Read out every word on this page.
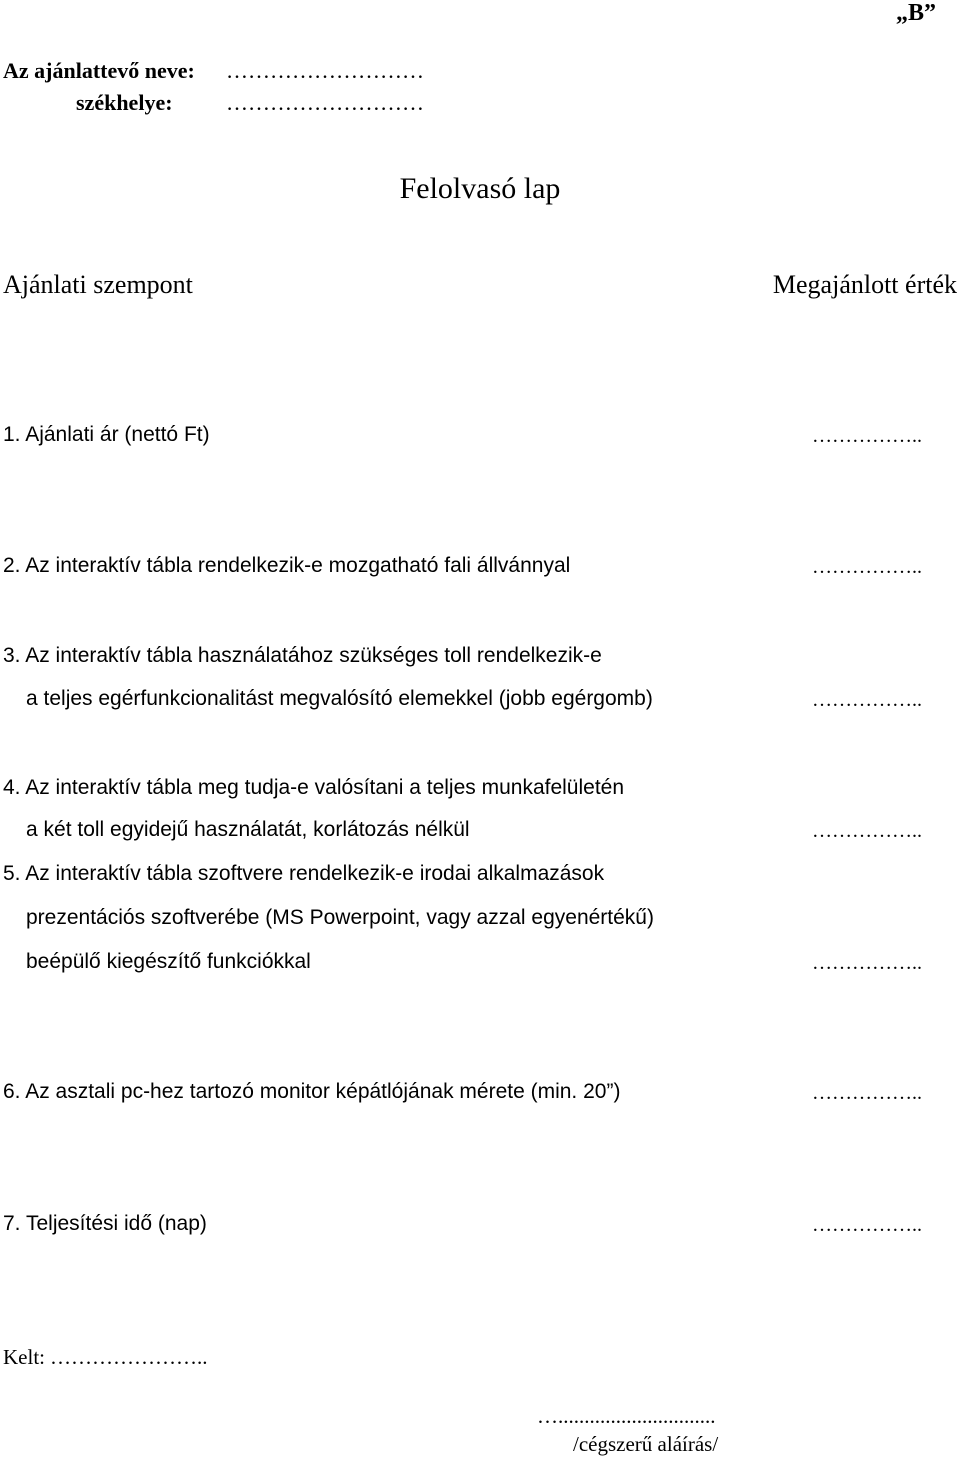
„B”
Az ajánlattevő neve: ………………………
székhelye: ………………………
Felolvasó lap
Ajánlati szempont	Megajánlott érték
1. Ajánlati ár (nettó Ft)	……………..
2. Az interaktív tábla rendelkezik-e mozgatható fali állvánnyal	……………..
3. Az interaktív tábla használatához szükséges toll rendelkezik-e
a teljes egérfunkcionalitást megvalósító elemekkel (jobb egérgomb)	……………..
4. Az interaktív tábla meg tudja-e valósítani a teljes munkafelületén
a két toll egyidejű használatát, korlátozás nélkül	……………..
5. Az interaktív tábla szoftvere rendelkezik-e irodai alkalmazások
prezentációs szoftverébe (MS Powerpoint, vagy azzal egyenértékű)
beépülő kiegészítő funkciókkal	……………..
6. Az asztali pc-hez tartozó monitor képátlójának mérete (min. 20”)	……………..
7. Teljesítési idő (nap)	……………..
Kelt: …………………..
…..............................
/cégszerű aláírás/
